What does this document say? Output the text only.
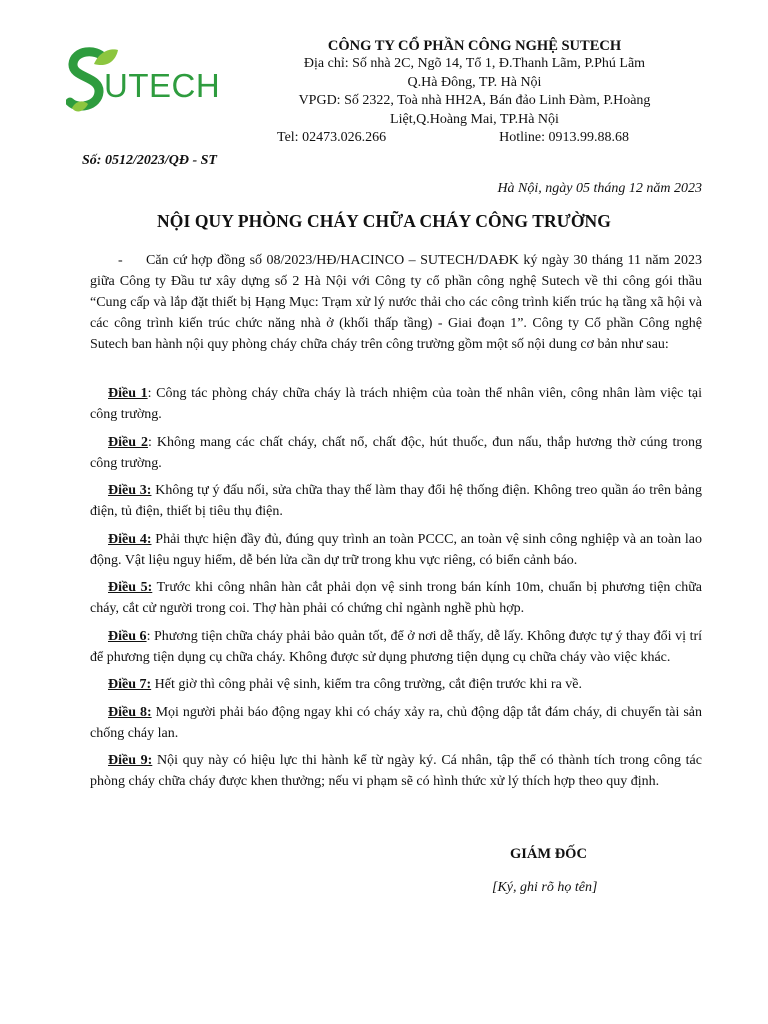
UTECH
CÔNG TY CỔ PHẦN CÔNG NGHỆ SUTECH
Địa chỉ: Số nhà 2C, Ngõ 14, Tổ 1, Đ.Thanh Lãm, P.Phú Lãm
Q.Hà Đông, TP. Hà Nội
VPGD: Số 2322, Toà nhà HH2A, Bán đảo Linh Đàm, P.Hoàng
Liệt,Q.Hoàng Mai, TP.Hà Nội
Tel: 02473.026.266	Hotline: 0913.99.88.68
Số: 0512/2023/QĐ - ST
Hà Nội, ngày 05 tháng 12 năm 2023
NỘI QUY PHÒNG CHÁY CHỮA CHÁY CÔNG TRƯỜNG
- Căn cứ hợp đồng số 08/2023/HĐ/HACINCO – SUTECH/DAĐK ký ngày 30 tháng 11 năm 2023 giữa Công ty Đầu tư xây dựng số 2 Hà Nội với Công ty cổ phần công nghệ Sutech về thi công gói thầu “Cung cấp và lắp đặt thiết bị Hạng Mục: Trạm xử lý nước thải cho các công trình kiến trúc hạ tầng xã hội và các công trình kiến trúc chức năng nhà ở (khối thấp tầng) - Giai đoạn 1”. Công ty Cổ phần Công nghệ Sutech ban hành nội quy phòng cháy chữa cháy trên công trường gồm một số nội dung cơ bản như sau:

Điều 1: Công tác phòng cháy chữa cháy là trách nhiệm của toàn thể nhân viên, công nhân làm việc tại công trường.

Điều 2: Không mang các chất cháy, chất nổ, chất độc, hút thuốc, đun nấu, thắp hương thờ cúng trong công trường.

Điều 3: Không tự ý đấu nối, sửa chữa thay thế làm thay đổi hệ thống điện. Không treo quần áo trên bảng điện, tủ điện, thiết bị tiêu thụ điện.

Điều 4: Phải thực hiện đầy đủ, đúng quy trình an toàn PCCC, an toàn vệ sinh công nghiệp và an toàn lao động. Vật liệu nguy hiểm, dễ bén lửa cần dự trữ trong khu vực riêng, có biển cảnh báo.

Điều 5: Trước khi công nhân hàn cắt phải dọn vệ sinh trong bán kính 10m, chuẩn bị phương tiện chữa cháy, cắt cử người trong coi. Thợ hàn phải có chứng chỉ ngành nghề phù hợp.

Điều 6: Phương tiện chữa cháy phải bảo quản tốt, để ở nơi dễ thấy, dễ lấy. Không được tự ý thay đổi vị trí để phương tiện dụng cụ chữa cháy. Không được sử dụng phương tiện dụng cụ chữa cháy vào việc khác.

Điều 7: Hết giờ thì công phải vệ sinh, kiểm tra công trường, cắt điện trước khi ra về.

Điều 8: Mọi người phải báo động ngay khi có cháy xảy ra, chủ động dập tắt đám cháy, di chuyển tài sản chống cháy lan.

Điều 9: Nội quy này có hiệu lực thi hành kể từ ngày ký. Cá nhân, tập thể có thành tích trong công tác phòng cháy chữa cháy được khen thưởng; nếu vi phạm sẽ có hình thức xử lý thích hợp theo quy định.

GIÁM ĐỐC
[Ký, ghi rõ họ tên]
